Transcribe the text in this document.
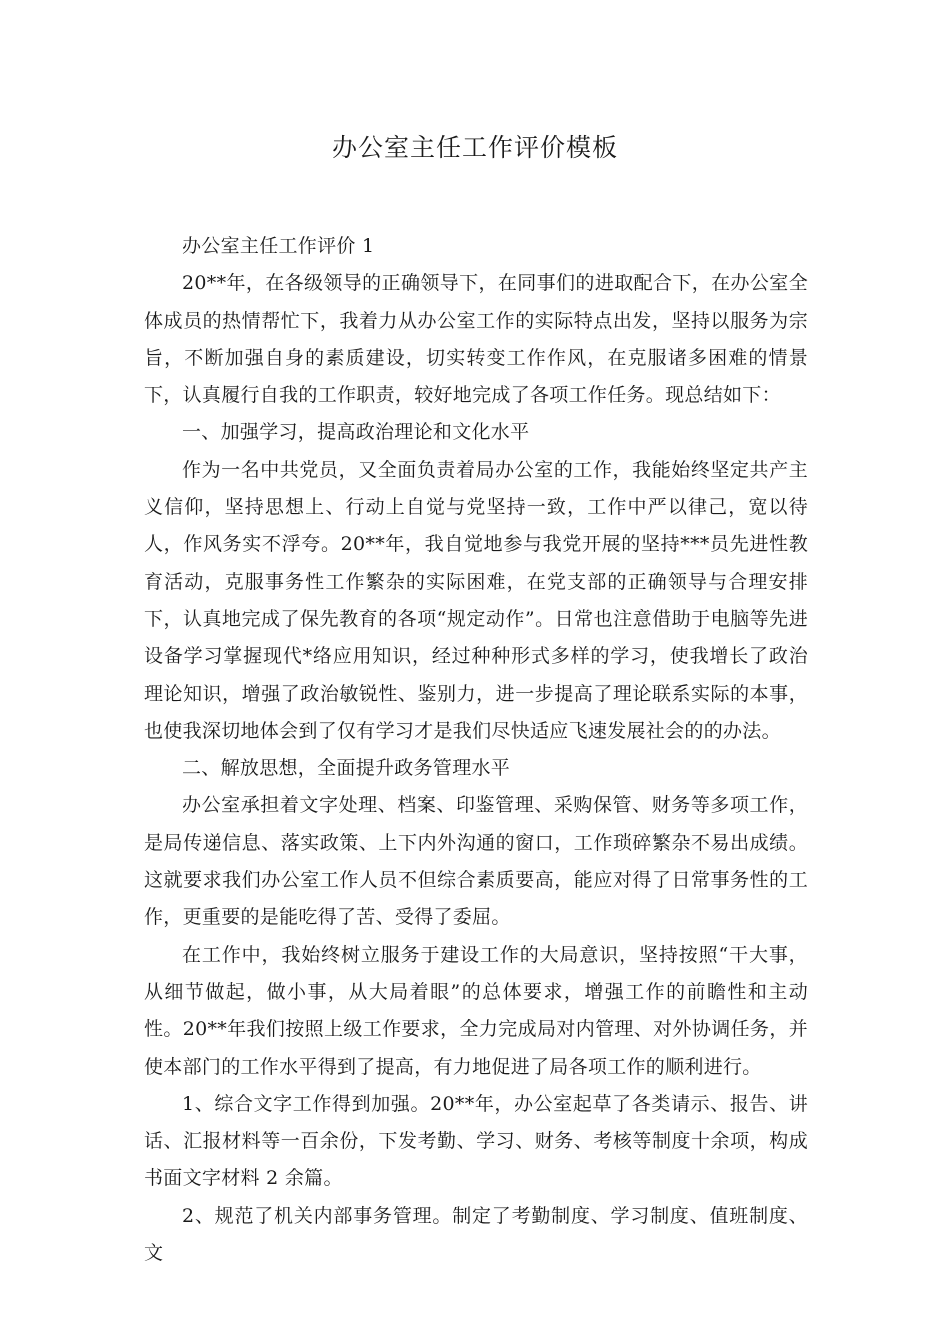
办公室主任工作评价模板

办公室主任工作评价 1

20**年，在各级领导的正确领导下，在同事们的进取配合下，在办公室全体成员的热情帮忙下，我着力从办公室工作的实际特点出发，坚持以服务为宗旨，不断加强自身的素质建设，切实转变工作作风，在克服诸多困难的情景下，认真履行自我的工作职责，较好地完成了各项工作任务。现总结如下：

一、加强学习，提高政治理论和文化水平

作为一名中共党员，又全面负责着局办公室的工作，我能始终坚定共产主义信仰，坚持思想上、行动上自觉与党坚持一致，工作中严以律己，宽以待人，作风务实不浮夸。20**年，我自觉地参与我党开展的坚持***员先进性教育活动，克服事务性工作繁杂的实际困难，在党支部的正确领导与合理安排下，认真地完成了保先教育的各项“规定动作”。日常也注意借助于电脑等先进设备学习掌握现代*络应用知识，经过种种形式多样的学习，使我增长了政治理论知识，增强了政治敏锐性、鉴别力，进一步提高了理论联系实际的本事，也使我深切地体会到了仅有学习才是我们尽快适应飞速发展社会的的办法。

二、解放思想，全面提升政务管理水平

办公室承担着文字处理、档案、印鉴管理、采购保管、财务等多项工作，是局传递信息、落实政策、上下内外沟通的窗口，工作琐碎繁杂不易出成绩。这就要求我们办公室工作人员不但综合素质要高，能应对得了日常事务性的工作，更重要的是能吃得了苦、受得了委屈。

在工作中，我始终树立服务于建设工作的大局意识，坚持按照“干大事，从细节做起，做小事，从大局着眼”的总体要求，增强工作的前瞻性和主动性。20**年我们按照上级工作要求，全力完成局对内管理、对外协调任务，并使本部门的工作水平得到了提高，有力地促进了局各项工作的顺利进行。

1、综合文字工作得到加强。20**年，办公室起草了各类请示、报告、讲话、汇报材料等一百余份，下发考勤、学习、财务、考核等制度十余项，构成书面文字材料 2 余篇。

2、规范了机关内部事务管理。制定了考勤制度、学习制度、值班制度、文
